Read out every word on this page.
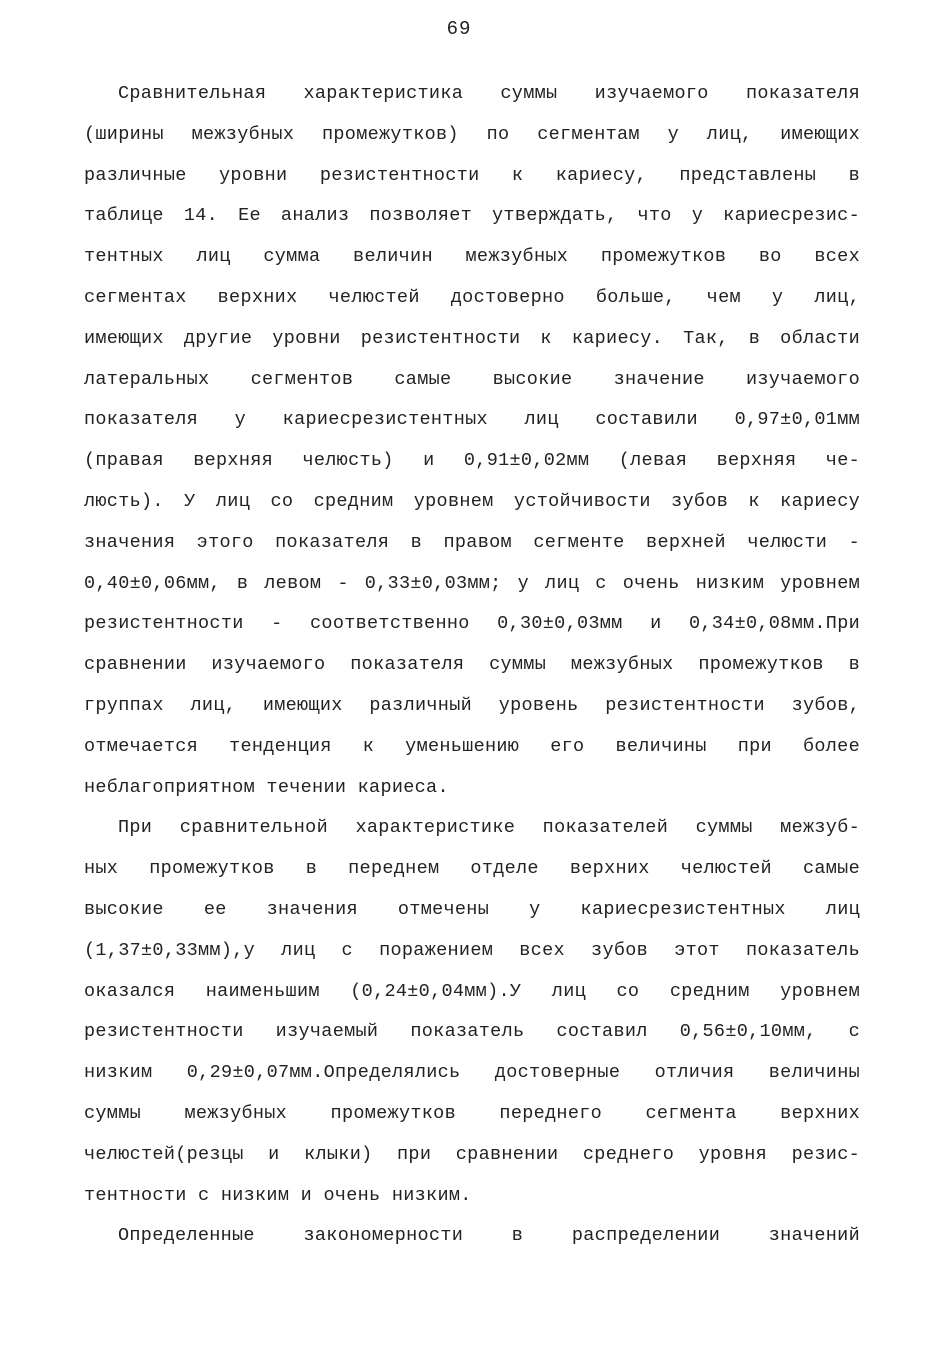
69
Сравнительная характеристика суммы изучаемого показателя
(ширины межзубных промежутков) по сегментам у лиц, имеющих
различные уровни резистентности к кариесу, представлены в
таблице 14. Ее анализ позволяет утверждать, что у кариесрезис-
тентных лиц сумма величин межзубных промежутков во всех
сегментах верхних челюстей достоверно больше, чем у лиц,
имеющих другие уровни резистентности к кариесу. Так, в области
латеральных сегментов самые высокие значение изучаемого
показателя у кариесрезистентных лиц составили 0,97±0,01мм
(правая верхняя челюсть) и 0,91±0,02мм (левая верхняя че-
люсть). У лиц со средним уровнем устойчивости зубов к кариесу
значения этого показателя в правом сегменте верхней челюсти -
0,40±0,06мм, в левом - 0,33±0,03мм; у лиц с очень низким уровнем
резистентности - соответственно 0,30±0,03мм и 0,34±0,08мм.При
сравнении изучаемого показателя суммы межзубных промежутков в
группах лиц, имеющих различный уровень резистентности зубов,
отмечается тенденция к уменьшению его величины при более
неблагоприятном течении кариеса.
При сравнительной характеристике показателей суммы межзуб-
ных промежутков в переднем отделе верхних челюстей самые
высокие ее значения отмечены у кариесрезистентных лиц
(1,37±0,33мм),у лиц с поражением всех зубов этот показатель
оказался наименьшим (0,24±0,04мм).У лиц со средним уровнем
резистентности изучаемый показатель составил 0,56±0,10мм, с
низким 0,29±0,07мм.Определялись достоверные отличия величины
суммы межзубных промежутков переднего сегмента верхних
челюстей(резцы и клыки) при сравнении среднего уровня резис-
тентности с низким и очень низким.
Определенные закономерности в распределении значений
